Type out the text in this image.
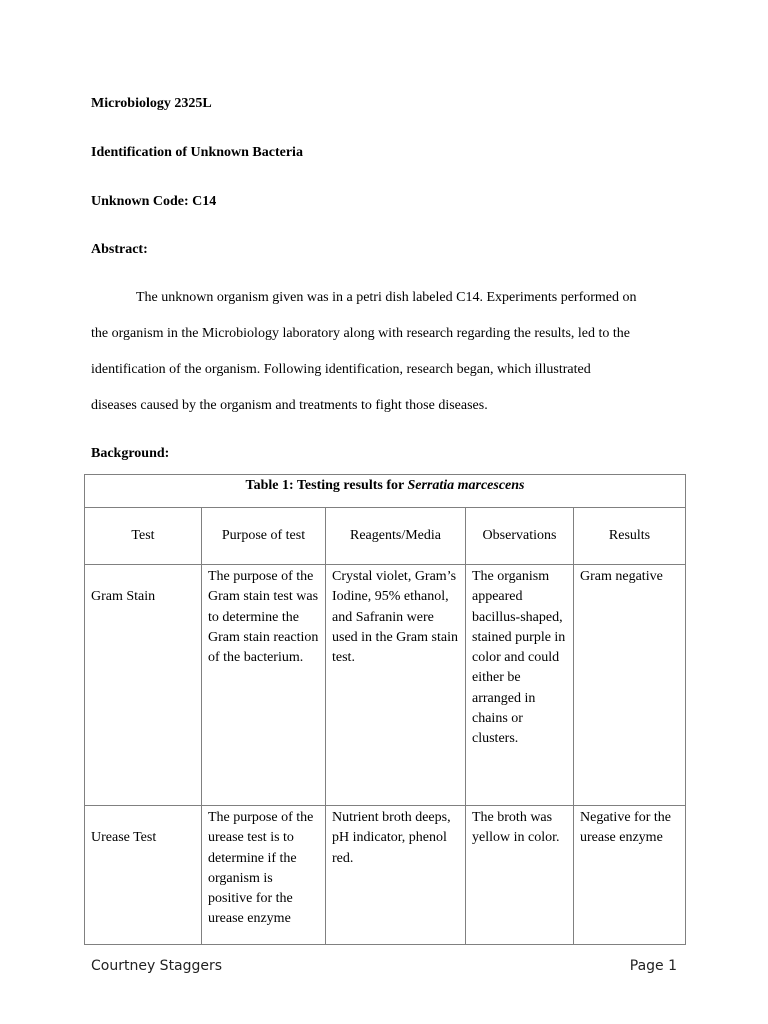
Microbiology 2325L
Identification of Unknown Bacteria
Unknown Code: C14
Abstract:
The unknown organism given was in a petri dish labeled C14. Experiments performed on
the organism in the Microbiology laboratory along with research regarding the results, led to the
identification of the organism. Following identification, research began, which illustrated
diseases caused by the organism and treatments to fight those diseases.
Background:
Table 1: Testing results for Serratia marcescens				
Test	Purpose of test	Reagents/Media	Observations	Results
Gram Stain	The purpose of the Gram stain test was to determine the Gram stain reaction of the bacterium.	Crystal violet, Gram’s Iodine, 95% ethanol, and Safranin were used in the Gram stain test.	The organism appeared bacillus-shaped, stained purple in color and could either be arranged in chains or clusters.	Gram negative
Urease Test	The purpose of the urease test is to determine if the organism is positive for the urease enzyme	Nutrient broth deeps, pH indicator, phenol red.	The broth was yellow in color.	Negative for the urease enzyme
Courtney Staggers	Page 1
